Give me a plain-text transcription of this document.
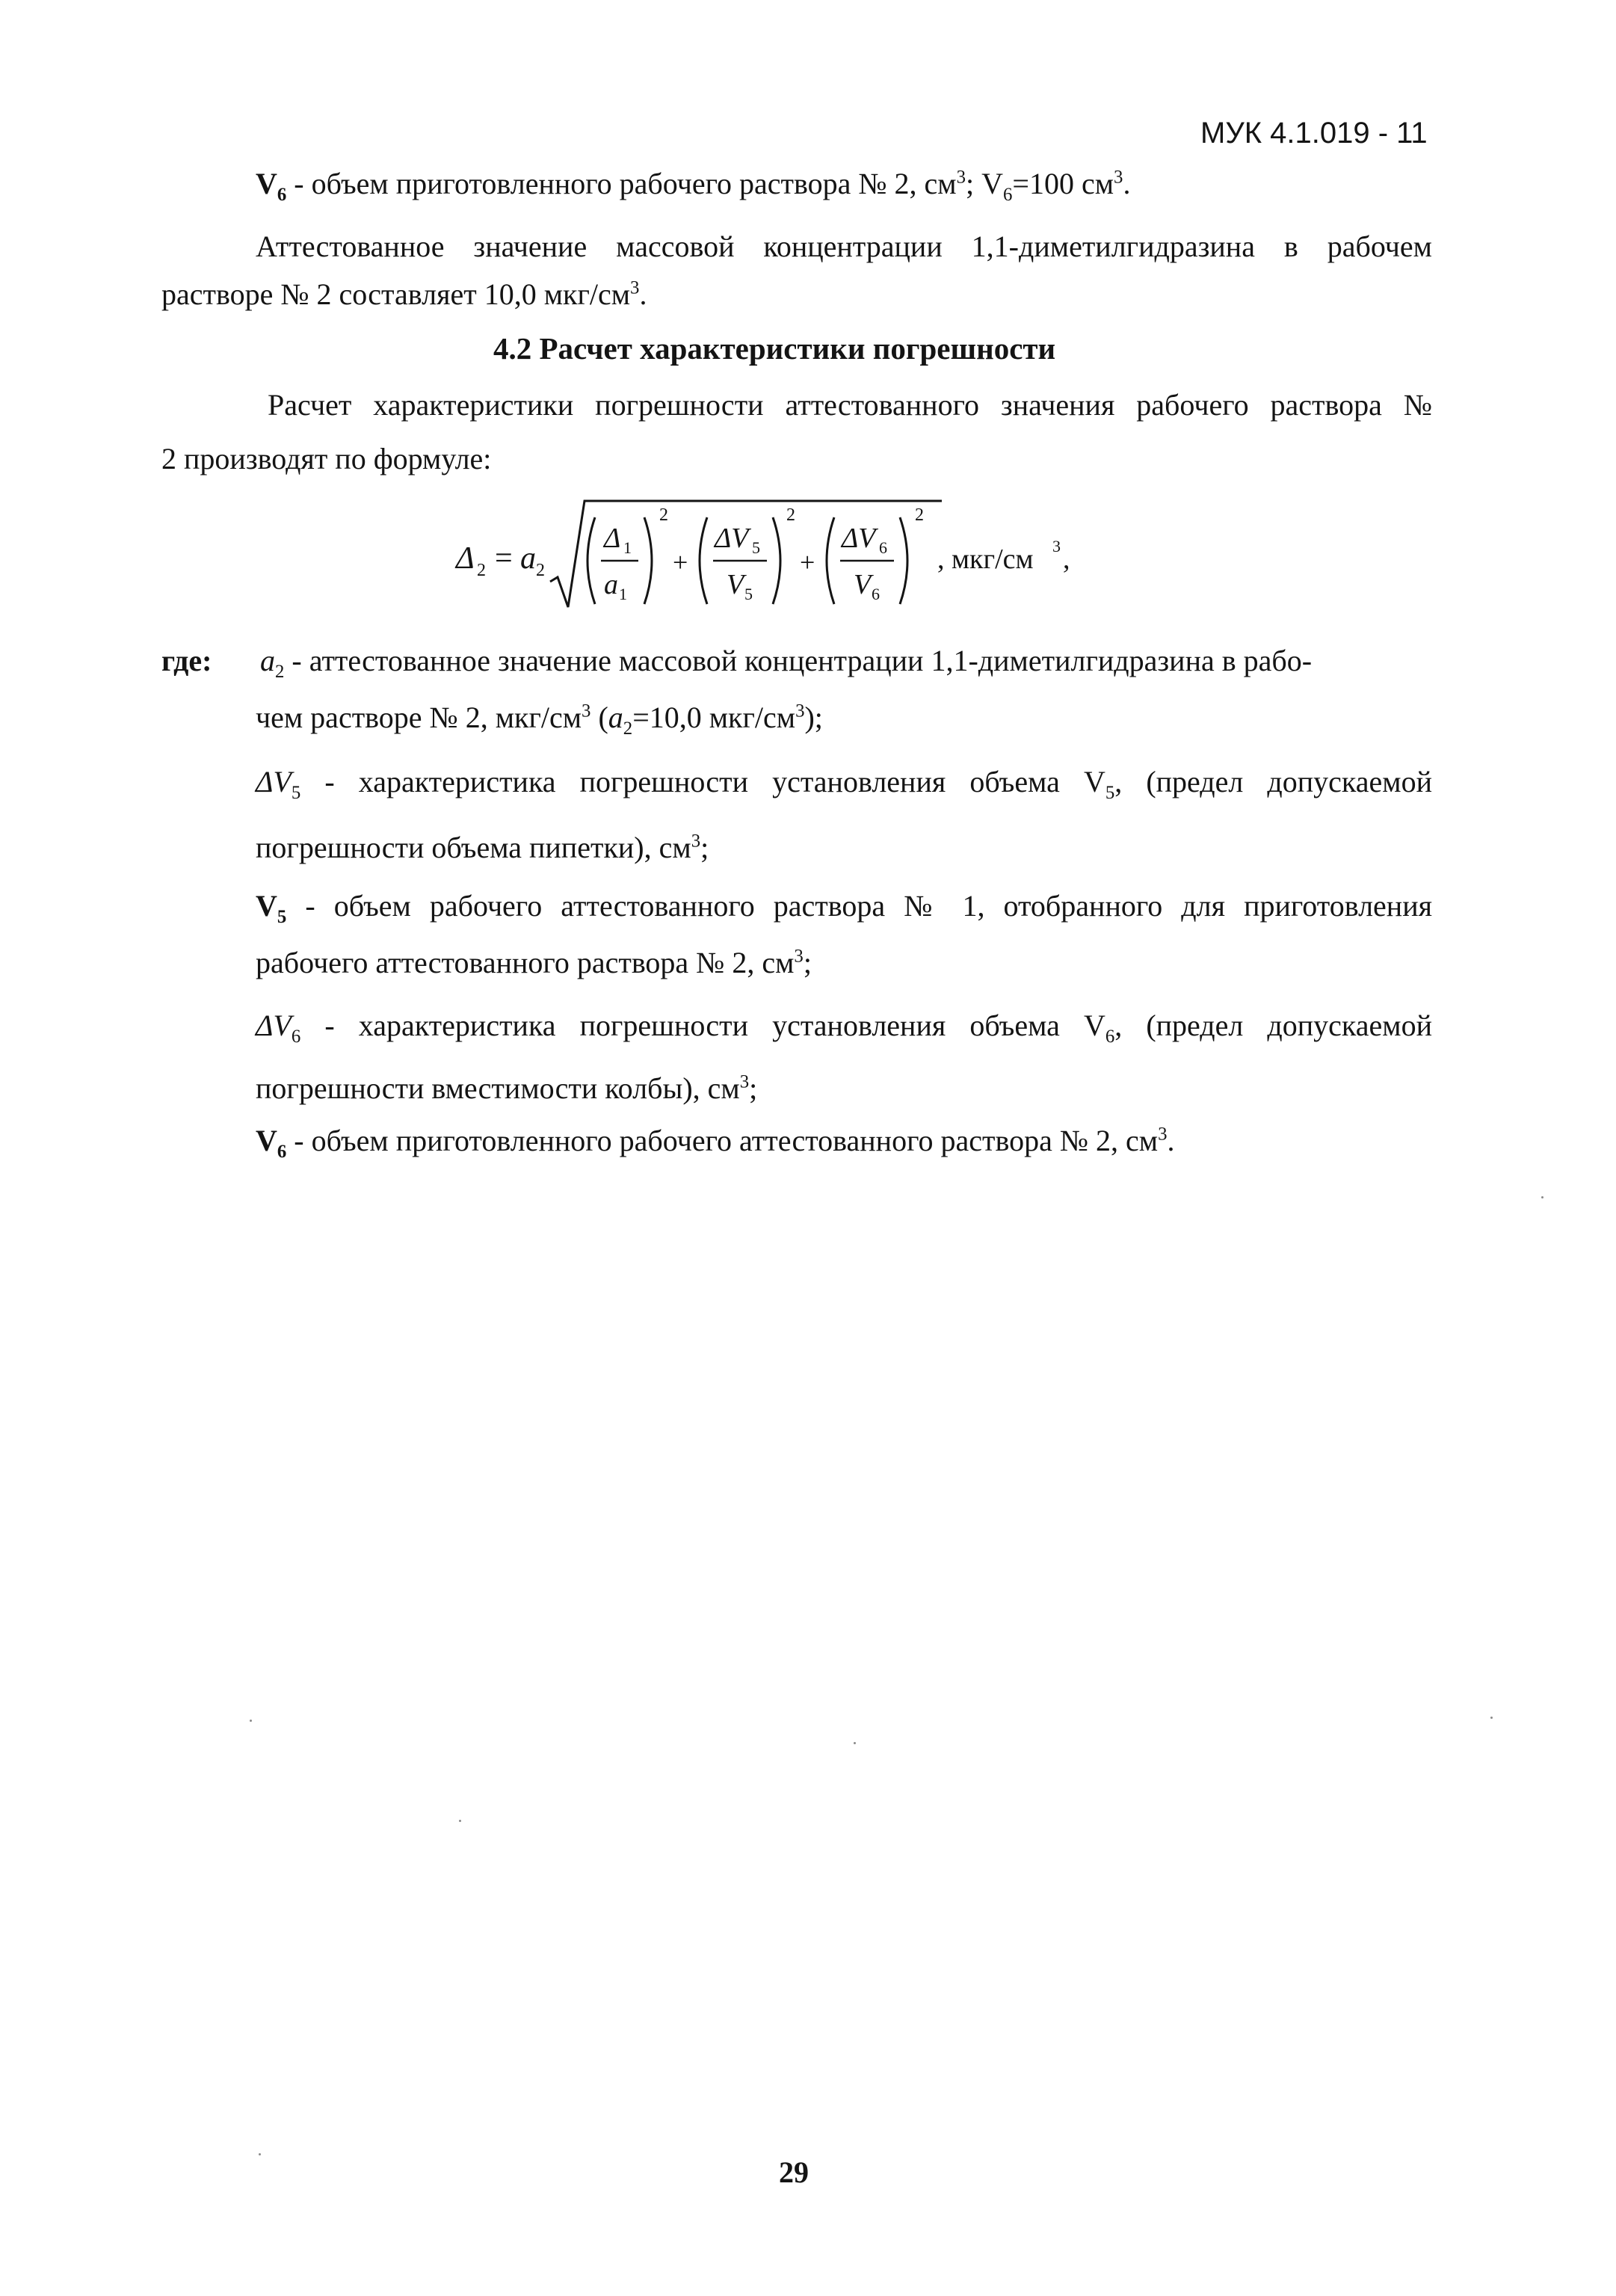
МУК 4.1.019 - 11
$V_6$ - объем приготовленного рабочего раствора № 2, $см^3$; $V_6=100$ $см^3$.
Аттестованное значение массовой концентрации 1,1-диметилгидразина в рабочем
растворе № 2 составляет 10,0 мкг/$см^3$.
4.2 Расчет характеристики погрешности
Расчет характеристики погрешности аттестованного значения рабочего раствора №
2 производят по формуле:
Δ 2 = a 2
Δ 1
a 1
2
+
ΔV 5
V 5
2
+
ΔV 6
V 6
2
, мкг/см 3 ,
где: $a_2$ - аттестованное значение массовой концентрации 1,1-диметилгидразина в рабо-
чем растворе № 2, мкг/$см^3$ ($a_2=10,0$ мкг/$см^3$);
$\Delta V_5$ - характеристика погрешности установления объема $V_5$, (предел допускаемой
погрешности объема пипетки), $см^3$;
$V_5$ - объем рабочего аттестованного раствора № 1, отобранного для приготовления
рабочего аттестованного раствора № 2, $см^3$;
$\Delta V_6$ - характеристика погрешности установления объема $V_6$, (предел допускаемой
погрешности вместимости колбы), $см^3$;
$V_6$ - объем приготовленного рабочего аттестованного раствора № 2, $см^3$.
29
